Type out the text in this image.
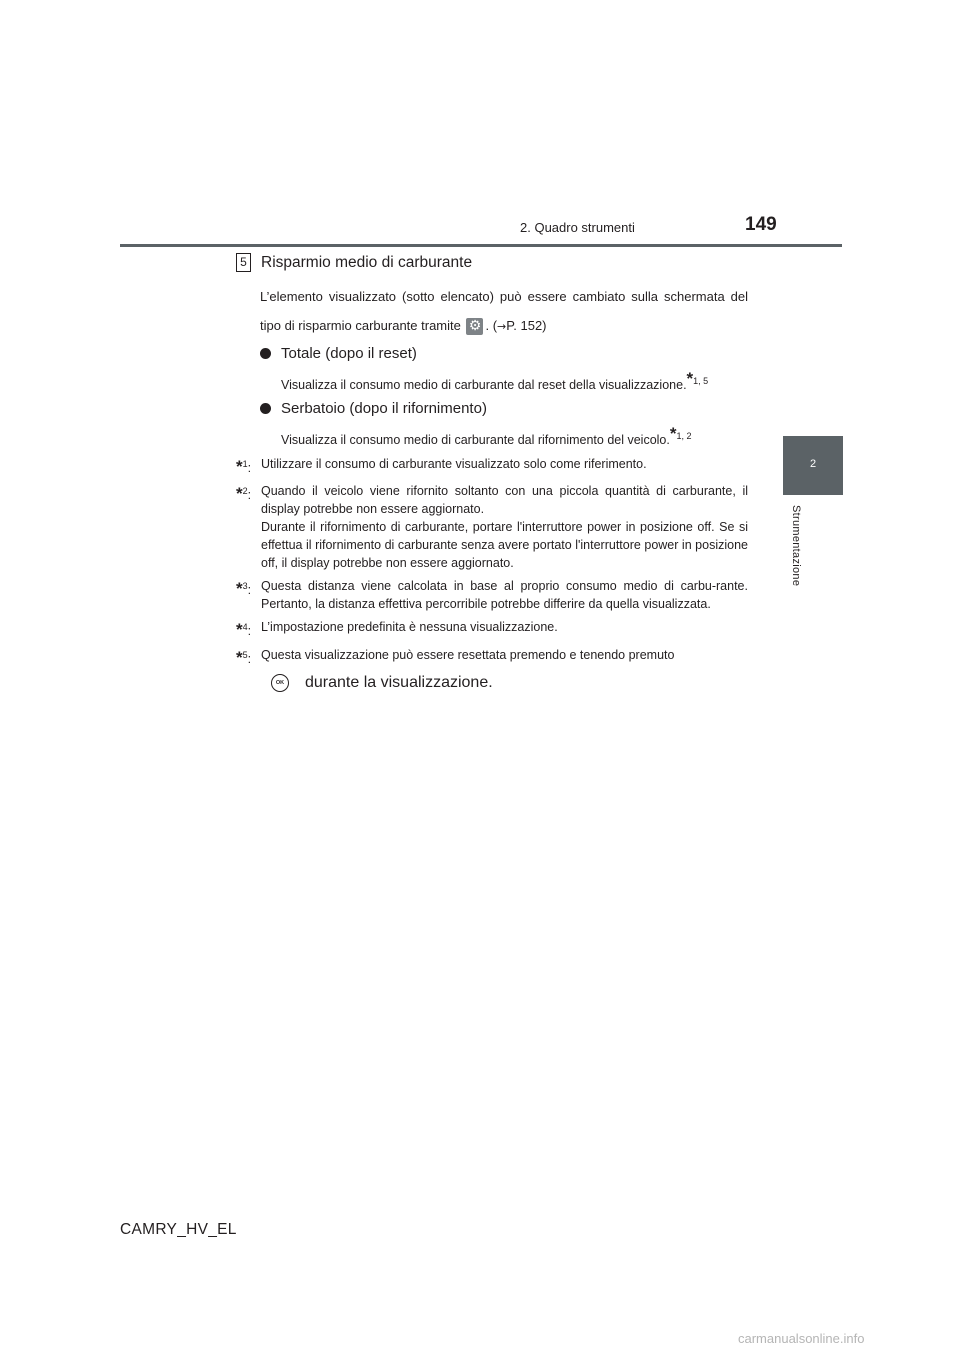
2. Quadro strumenti	149
2
Strumentazione
5 Risparmio medio di carburante
L’elemento visualizzato (sotto elencato) può essere cambiato sulla schermata del tipo di risparmio carburante tramite ⚙ . (→P. 152)
Totale (dopo il reset)
Visualizza il consumo medio di carburante dal reset della visualizzazione.$^{*1, 5}$
Serbatoio (dopo il rifornimento)
Visualizza il consumo medio di carburante dal rifornimento del veicolo.$^{*1, 2}$
*$^1$: Utilizzare il consumo di carburante visualizzato solo come riferimento.
*$^2$: Quando il veicolo viene rifornito soltanto con una piccola quantità di carburante, il display potrebbe non essere aggiornato.
Durante il rifornimento di carburante, portare l'interruttore power in posizione off. Se si effettua il rifornimento di carburante senza avere portato l'interruttore power in posizione off, il display potrebbe non essere aggiornato.
*$^3$: Questa distanza viene calcolata in base al proprio consumo medio di carbu-rante. Pertanto, la distanza effettiva percorribile potrebbe differire da quella visualizzata.
*$^4$: L’impostazione predefinita è nessuna visualizzazione.
*$^5$: Questa visualizzazione può essere resettata premendo e tenendo premuto
OK	durante la visualizzazione.
CAMRY_HV_EL
carmanualsonline.info
